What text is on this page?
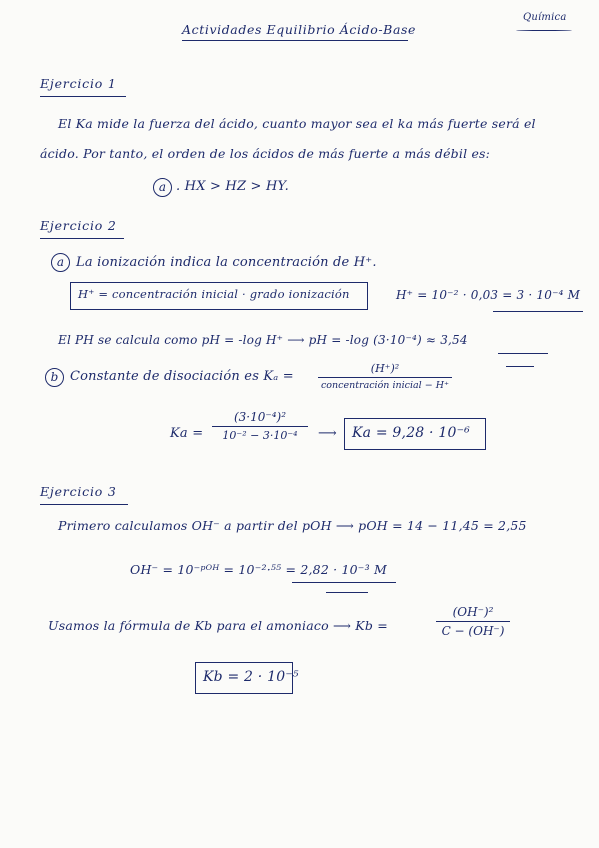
Actividades Equilibrio Ácido-Base
Química
Ejercicio 1
El Ka mide la fuerza del ácido, cuanto mayor sea el ka más fuerte será el
ácido. Por tanto, el orden de los ácidos de más fuerte a más débil es:
a . HX > HZ > HY.
Ejercicio 2
a La ionización indica la concentración de H⁺.
H⁺ = concentración inicial · grado ionización	H⁺ = 10⁻² · 0,03 = 3 · 10⁻⁴ M
El PH se calcula como pH = -log H⁺ ⟶ pH = -log (3·10⁻⁴) ≈ 3,54
b Constante de disociación es Kₐ =
(H⁺)²
concentración inicial − H⁺
Ka =
(3·10⁻⁴)²
10⁻² − 3·10⁻⁴	⟶ Ka = 9,28 · 10⁻⁶
Ejercicio 3
Primero calculamos OH⁻ a partir del pOH ⟶ pOH = 14 − 11,45 = 2,55
OH⁻ = 10⁻ᵖᴼᴴ = 10⁻²·⁵⁵ = 2,82 · 10⁻³ M
Usamos la fórmula de Kb para el amoniaco ⟶ Kb =
(OH⁻)²
C − (OH⁻)
Kb = 2 · 10⁻⁵
